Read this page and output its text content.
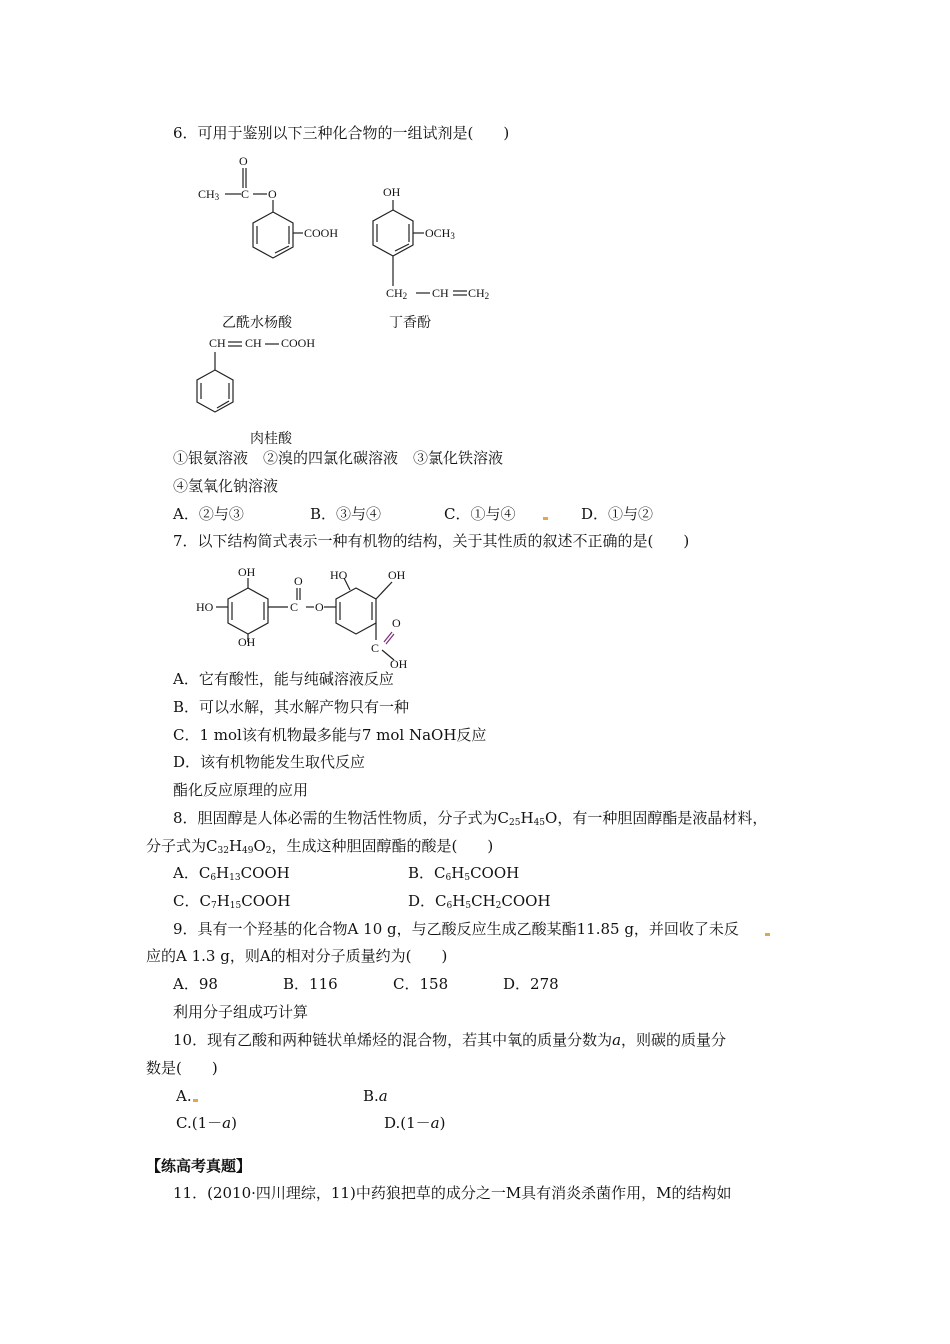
6．可用于鉴别以下三种化合物的一组试剂是(　　)
O
$CH_3$ C O
COOH
乙酰水杨酸
OH
$OCH_3$
$CH_2$ CH $CH_2$
丁香酚
CH CH COOH
肉桂酸
①银氨溶液　②溴的四氯化碳溶液　③氯化铁溶液
④氢氧化钠溶液
A．②与③	B．③与④	C．①与④	D．①与②
7．以下结构简式表示一种有机物的结构，关于其性质的叙述不正确的是(　　)
OH
HO
OH
O
C O
HO	OH
O
C
OH
A．它有酸性，能与纯碱溶液反应
B．可以水解，其水解产物只有一种
C．1 mol该有机物最多能与7 mol NaOH反应
D．该有机物能发生取代反应
酯化反应原理的应用
8．胆固醇是人体必需的生物活性物质，分子式为$C_{25}H_{45}O$，有一种胆固醇酯是液晶材料，
分子式为$C_{32}H_{49}O_2$，生成这种胆固醇酯的酸是(　　)
A．$C_6H_{13}COOH$	B．$C_6H_5COOH$
C．$C_7H_{15}COOH$	D．$C_6H_5CH_2COOH$
9．具有一个羟基的化合物A 10 g，与乙酸反应生成乙酸某酯11.85 g，并回收了未反
应的A 1.3 g，则A的相对分子质量约为(　　)
A．98	B．116	C．158	D．278
利用分子组成巧计算
10．现有乙酸和两种链状单烯烃的混合物，若其中氧的质量分数为a，则碳的质量分
数是(　　)
A.	B.a
C.(1－a)	D.(1－a)
【练高考真题】
11．(2010·四川理综，11)中药狼把草的成分之一M具有消炎杀菌作用，M的结构如
